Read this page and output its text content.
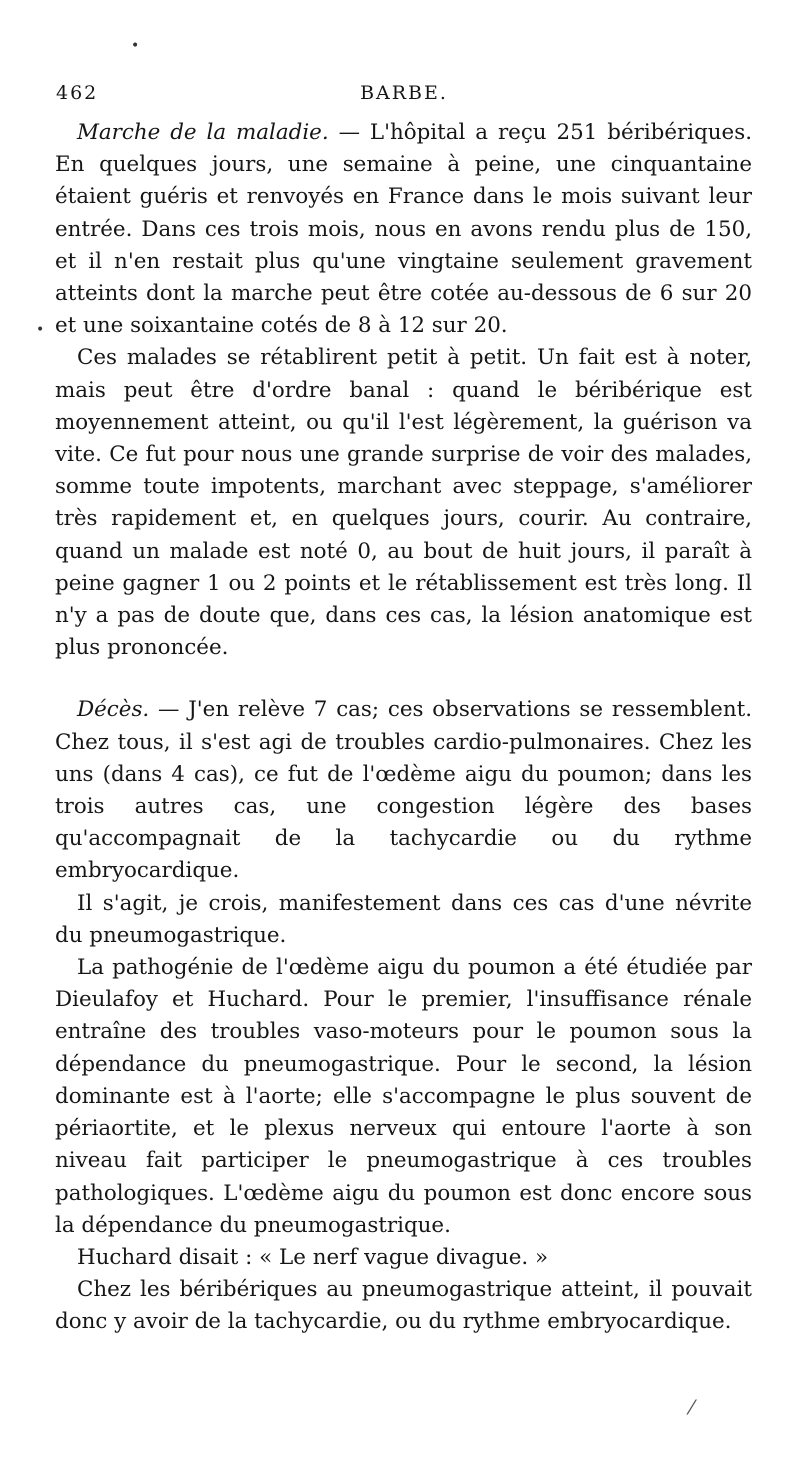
•
•
462	BARBE.

Marche de la maladie. — L'hôpital a reçu 251 béribériques. En quelques jours, une semaine à peine, une cinquantaine étaient guéris et renvoyés en France dans le mois suivant leur entrée. Dans ces trois mois, nous en avons rendu plus de 150, et il n'en restait plus qu'une vingtaine seulement gravement atteints dont la marche peut être cotée au-dessous de 6 sur 20 et une soixantaine cotés de 8 à 12 sur 20.

Ces malades se rétablirent petit à petit. Un fait est à noter, mais peut être d'ordre banal : quand le béribérique est moyennement atteint, ou qu'il l'est légèrement, la guérison va vite. Ce fut pour nous une grande surprise de voir des malades, somme toute impotents, marchant avec steppage, s'améliorer très rapidement et, en quelques jours, courir. Au contraire, quand un malade est noté 0, au bout de huit jours, il paraît à peine gagner 1 ou 2 points et le rétablissement est très long. Il n'y a pas de doute que, dans ces cas, la lésion anatomique est plus prononcée.

Décès. — J'en relève 7 cas; ces observations se ressemblent. Chez tous, il s'est agi de troubles cardio-pulmonaires. Chez les uns (dans 4 cas), ce fut de l'œdème aigu du poumon; dans les trois autres cas, une congestion légère des bases qu'accompagnait de la tachycardie ou du rythme embryocardique.

Il s'agit, je crois, manifestement dans ces cas d'une névrite du pneumogastrique.

La pathogénie de l'œdème aigu du poumon a été étudiée par Dieulafoy et Huchard. Pour le premier, l'insuffisance rénale entraîne des troubles vaso-moteurs pour le poumon sous la dépendance du pneumogastrique. Pour le second, la lésion dominante est à l'aorte; elle s'accompagne le plus souvent de périaortite, et le plexus nerveux qui entoure l'aorte à son niveau fait participer le pneumogastrique à ces troubles pathologiques. L'œdème aigu du poumon est donc encore sous la dépendance du pneumogastrique.

Huchard disait : « Le nerf vague divague. »

Chez les béribériques au pneumogastrique atteint, il pouvait donc y avoir de la tachycardie, ou du rythme embryocardique.

⁄
